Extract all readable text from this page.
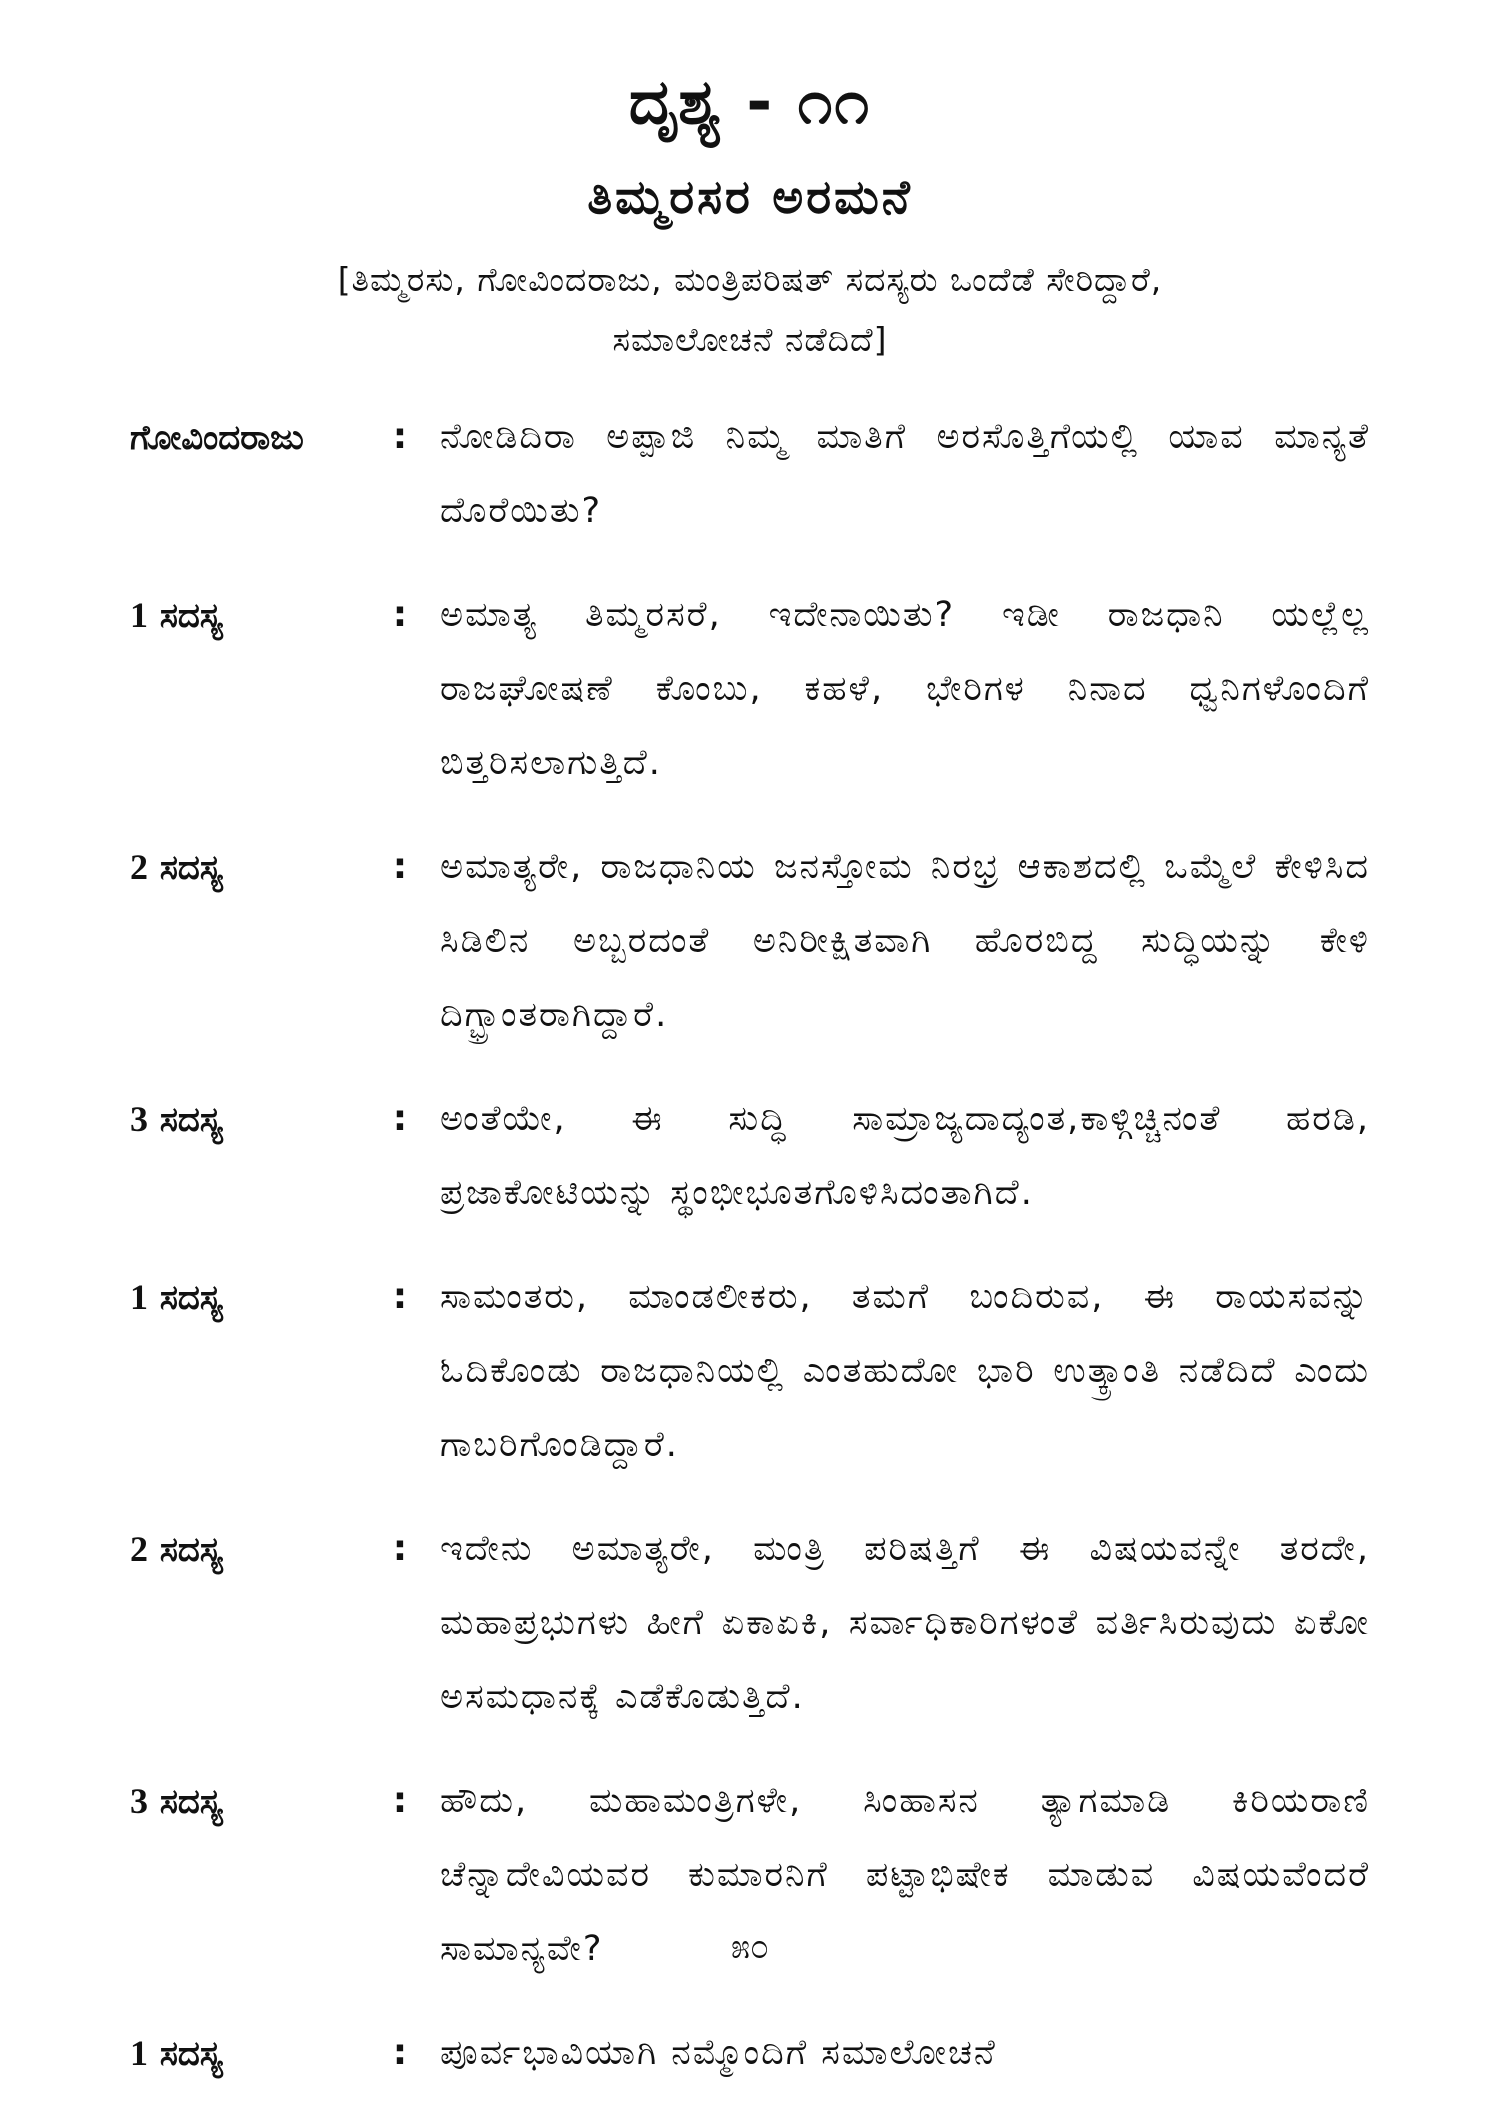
ದೃಶ್ಯ - ೧೧
ತಿಮ್ಮರಸರ ಅರಮನೆ
[ತಿಮ್ಮರಸು, ಗೋವಿಂದರಾಜು, ಮಂತ್ರಿಪರಿಷತ್ ಸದಸ್ಯರು ಒಂದೆಡೆ ಸೇರಿದ್ದಾರೆ,
ಸಮಾಲೋಚನೆ ನಡೆದಿದೆ]
ಗೋವಿಂದರಾಜು	: ನೋಡಿದಿರಾ ಅಪ್ಪಾಜಿ ನಿಮ್ಮ ಮಾತಿಗೆ ಅರಸೊತ್ತಿಗೆಯಲ್ಲಿ ಯಾವ ಮಾನ್ಯತೆ ದೊರೆಯಿತು?
1 ಸದಸ್ಯ	: ಅಮಾತ್ಯ ತಿಮ್ಮರಸರೆ, ಇದೇನಾಯಿತು? ಇಡೀ ರಾಜಧಾನಿ ಯಲ್ಲೆಲ್ಲ ರಾಜಘೋಷಣೆ ಕೊಂಬು, ಕಹಳೆ, ಭೇರಿಗಳ ನಿನಾದ ಧ್ವನಿಗಳೊಂದಿಗೆ ಬಿತ್ತರಿಸಲಾಗುತ್ತಿದೆ.
2 ಸದಸ್ಯ	: ಅಮಾತ್ಯರೇ, ರಾಜಧಾನಿಯ ಜನಸ್ತೋಮ ನಿರಭ್ರ ಆಕಾಶದಲ್ಲಿ ಒಮ್ಮೆಲೆ ಕೇಳಿಸಿದ ಸಿಡಿಲಿನ ಅಬ್ಬರದಂತೆ ಅನಿರೀಕ್ಷಿತವಾಗಿ ಹೊರಬಿದ್ದ ಸುದ್ಧಿಯನ್ನು ಕೇಳಿ ದಿಗ್ಭ್ರಾಂತರಾಗಿದ್ದಾರೆ.
3 ಸದಸ್ಯ	: ಅಂತೆಯೇ, ಈ ಸುದ್ಧಿ ಸಾಮ್ರಾಜ್ಯದಾದ್ಯಂತ,ಕಾಳ್ಗಿಚ್ಚಿನಂತೆ ಹರಡಿ, ಪ್ರಜಾಕೋಟಿಯನ್ನು ಸ್ಥಂಭೀಭೂತಗೊಳಿಸಿದಂತಾಗಿದೆ.
1 ಸದಸ್ಯ	: ಸಾಮಂತರು, ಮಾಂಡಲೀಕರು, ತಮಗೆ ಬಂದಿರುವ, ಈ ರಾಯಸವನ್ನು ಓದಿಕೊಂಡು ರಾಜಧಾನಿಯಲ್ಲಿ ಎಂತಹುದೋ ಭಾರಿ ಉತ್ಕ್ರಾಂತಿ ನಡೆದಿದೆ ಎಂದು ಗಾಬರಿಗೊಂಡಿದ್ದಾರೆ.
2 ಸದಸ್ಯ	: ಇದೇನು ಅಮಾತ್ಯರೇ, ಮಂತ್ರಿ ಪರಿಷತ್ತಿಗೆ ಈ ವಿಷಯವನ್ನೇ ತರದೇ, ಮಹಾಪ್ರಭುಗಳು ಹೀಗೆ ಏಕಾಏಕಿ, ಸರ್ವಾಧಿಕಾರಿಗಳಂತೆ ವರ್ತಿಸಿರುವುದು ಏಕೋ ಅಸಮಧಾನಕ್ಕೆ ಎಡೆಕೊಡುತ್ತಿದೆ.
3 ಸದಸ್ಯ	: ಹೌದು, ಮಹಾಮಂತ್ರಿಗಳೇ, ಸಿಂಹಾಸನ ತ್ಯಾಗಮಾಡಿ ಕಿರಿಯರಾಣಿ ಚೆನ್ನಾದೇವಿಯವರ ಕುಮಾರನಿಗೆ ಪಟ್ಟಾಭಿಷೇಕ ಮಾಡುವ ವಿಷಯವೆಂದರೆ ಸಾಮಾನ್ಯವೇ?
1 ಸದಸ್ಯ	: ಪೂರ್ವಭಾವಿಯಾಗಿ ನಮ್ಮೊಂದಿಗೆ ಸಮಾಲೋಚನೆ
೫೦
